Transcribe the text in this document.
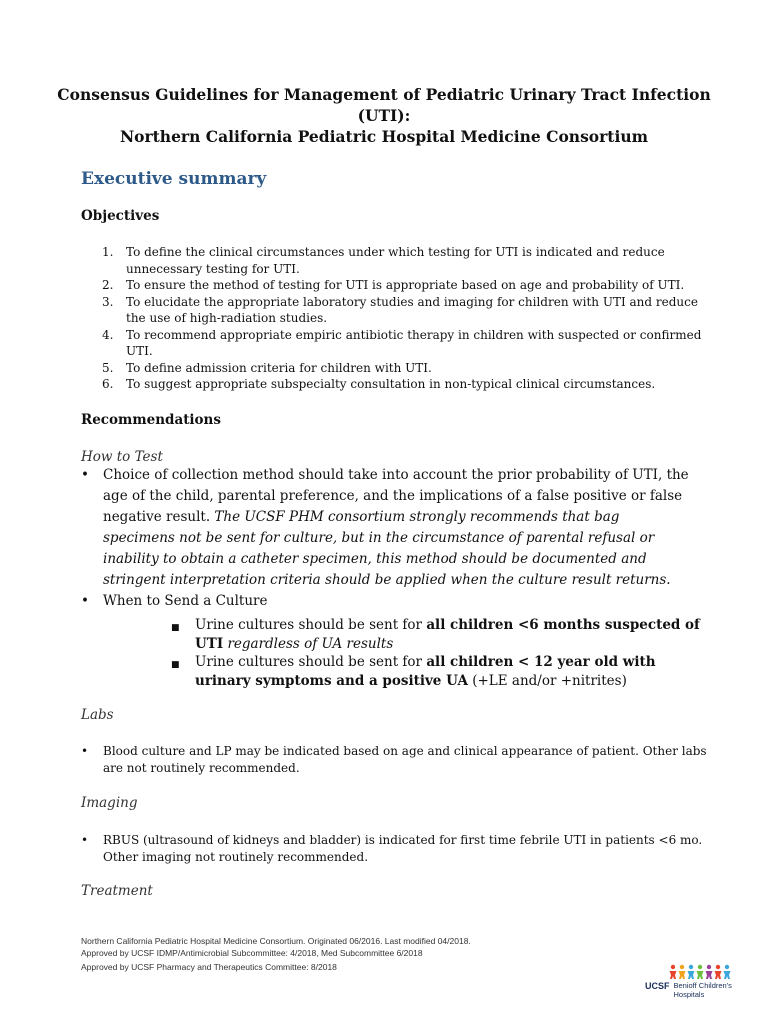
Consensus Guidelines for Management of Pediatric Urinary Tract Infection
(UTI):
Northern California Pediatric Hospital Medicine Consortium
Executive summary
Objectives
1.	To define the clinical circumstances under which testing for UTI is indicated and reduce unnecessary testing for UTI.
2.	To ensure the method of testing for UTI is appropriate based on age and probability of UTI.
3.	To elucidate the appropriate laboratory studies and imaging for children with UTI and reduce the use of high-radiation studies.
4.	To recommend appropriate empiric antibiotic therapy in children with suspected or confirmed UTI.
5.	To define admission criteria for children with UTI.
6.	To suggest appropriate subspecialty consultation in non-typical clinical circumstances.
Recommendations
How to Test
•	Choice of collection method should take into account the prior probability of UTI, the age of the child, parental preference, and the implications of a false positive or false negative result. The UCSF PHM consortium strongly recommends that bag specimens not be sent for culture, but in the circumstance of parental refusal or inability to obtain a catheter specimen, this method should be documented and stringent interpretation criteria should be applied when the culture result returns.
•	When to Send a Culture
■	Urine cultures should be sent for all children <6 months suspected of UTI regardless of UA results
■	Urine cultures should be sent for all children < 12 year old with urinary symptoms and a positive UA (+LE and/or +nitrites)
Labs
•	Blood culture and LP may be indicated based on age and clinical appearance of patient. Other labs are not routinely recommended.
Imaging
•	RBUS (ultrasound of kidneys and bladder) is indicated for first time febrile UTI in patients <6 mo. Other imaging not routinely recommended.
Treatment
Northern California Pediatric Hospital Medicine Consortium. Originated 06/2016. Last modified 04/2018.
Approved by UCSF IDMP/Antimicrobial Subcommittee: 4/2018, Med Subcommittee 6/2018
Approved by UCSF Pharmacy and Therapeutics Committee: 8/2018
UCSF Benioff Children's
Hospitals
